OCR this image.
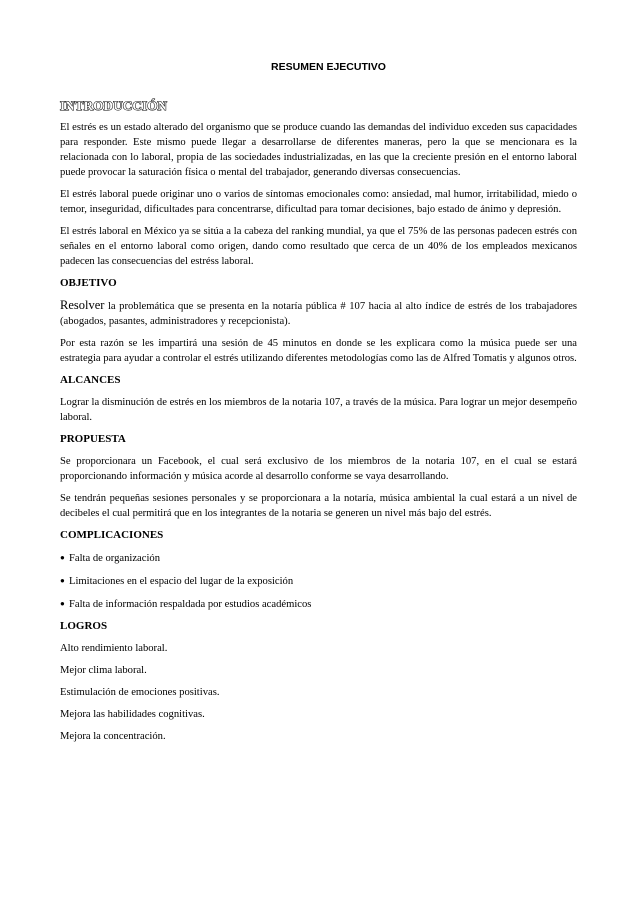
RESUMEN EJECUTIVO
INTRODUCCIÓN

El estrés es un estado alterado del organismo que se produce cuando las demandas del individuo exceden sus capacidades para responder. Este mismo puede llegar a desarrollarse de diferentes maneras, pero la que se mencionara es la relacionada con lo laboral, propia de las sociedades industrializadas, en las que la creciente presión en el entorno laboral puede provocar la saturación física o mental del trabajador, generando diversas consecuencias.

El estrés laboral puede originar uno o varios de síntomas emocionales como: ansiedad, mal humor, irritabilidad, miedo o temor, inseguridad, dificultades para concentrarse, dificultad para tomar decisiones, bajo estado de ánimo y depresión.

El estrés laboral en México ya se sitúa a la cabeza del ranking mundial, ya que el 75% de las personas padecen estrés con señales en el entorno laboral como origen, dando como resultado que cerca de un 40% de los empleados mexicanos padecen las consecuencias del estréss laboral.

OBJETIVO

Resolver la problemática que se presenta en la notaría pública # 107 hacia al alto índice de estrés de los trabajadores (abogados, pasantes, administradores y recepcionista).

Por esta razón se les impartirá una sesión de 45 minutos en donde se les explicara como la música puede ser una estrategia para ayudar a controlar el estrés utilizando diferentes metodologías como las de Alfred Tomatis y algunos otros.

ALCANCES

Lograr la disminución de estrés en los miembros de la notaria 107, a través de la música. Para lograr un mejor desempeño laboral.

PROPUESTA

Se proporcionara un Facebook, el cual será exclusivo de los miembros de la notaria 107, en el cual se estará proporcionando información y música acorde al desarrollo conforme se vaya desarrollando.

Se tendrán pequeñas sesiones personales y se proporcionara a la notaría, música ambiental la cual estará a un nivel de decibeles el cual permitirá que en los integrantes de la notaria se generen un nivel más bajo del estrés.

COMPLICACIONES
● Falta de organización
● Limitaciones en el espacio del lugar de la exposición
● Falta de información respaldada por estudios académicos
LOGROS
Alto rendimiento laboral.
Mejor clima laboral.
Estimulación de emociones positivas.
Mejora las habilidades cognitivas.
Mejora la concentración.
